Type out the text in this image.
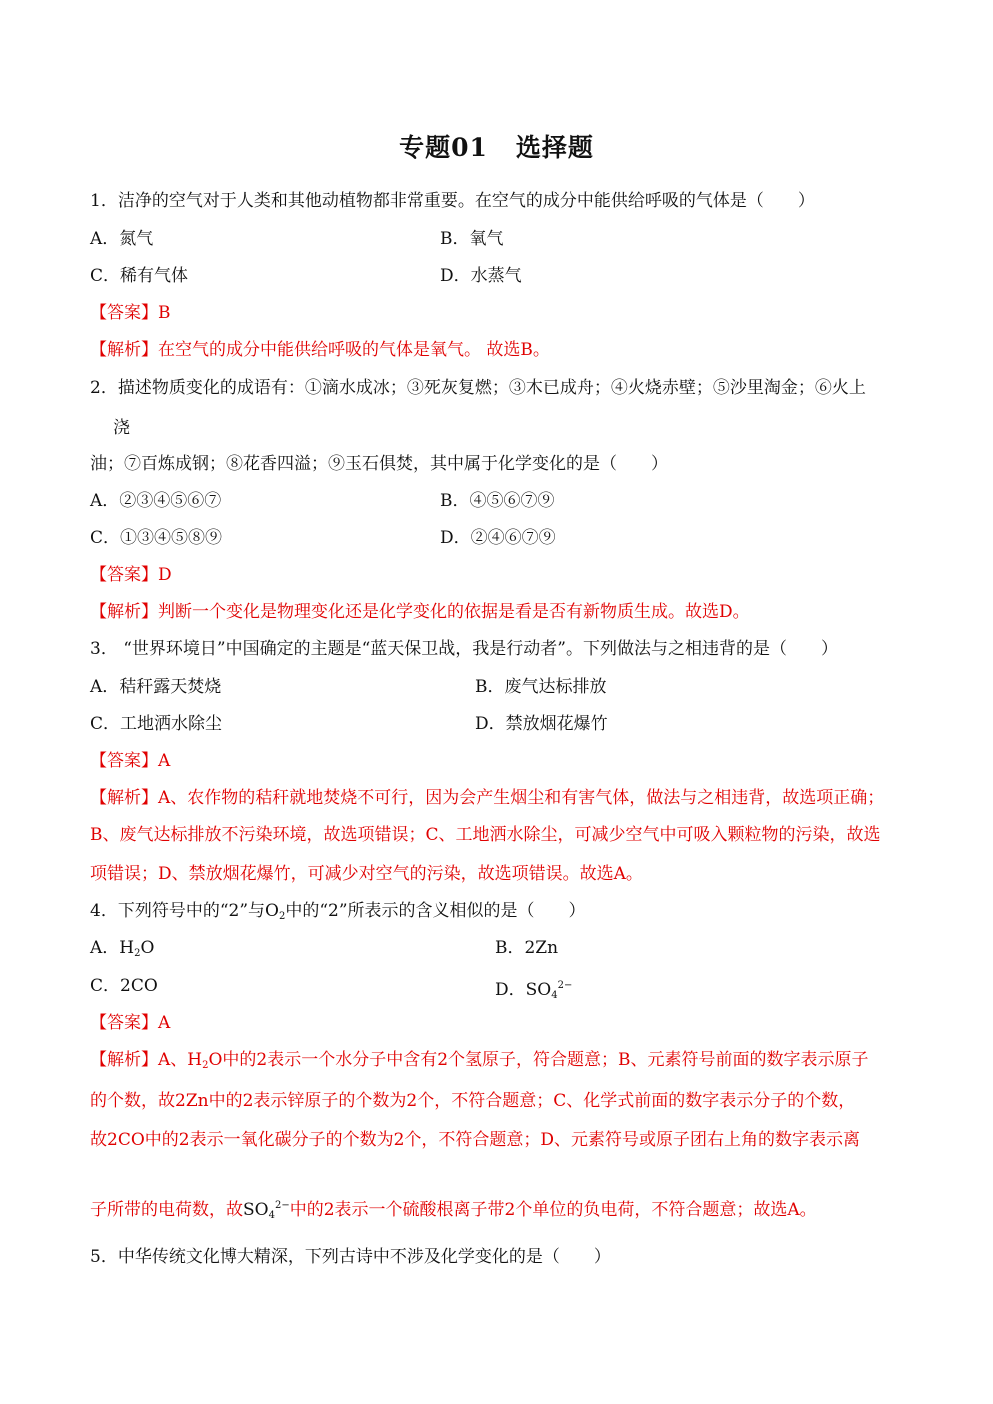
专题01 选择题
1．洁净的空气对于人类和其他动植物都非常重要。在空气的成分中能供给呼吸的气体是（　　）
A．氮气	B．氧气
C．稀有气体	D．水蒸气
【答案】B
【解析】在空气的成分中能供给呼吸的气体是氧气。 故选B。
2．描述物质变化的成语有：①滴水成冰；③死灰复燃；③木已成舟；④火烧赤壁；⑤沙里淘金；⑥火上
浇
油；⑦百炼成钢；⑧花香四溢；⑨玉石俱焚，其中属于化学变化的是（　　）
A．②③④⑤⑥⑦	B．④⑤⑥⑦⑨
C．①③④⑤⑧⑨	D．②④⑥⑦⑨
【答案】D
【解析】判断一个变化是物理变化还是化学变化的依据是看是否有新物质生成。故选D。
3． “世界环境日”中国确定的主题是“蓝天保卫战，我是行动者”。下列做法与之相违背的是（　　）
A．秸秆露天焚烧	B．废气达标排放
C．工地洒水除尘	D．禁放烟花爆竹
【答案】A
【解析】A、农作物的秸秆就地焚烧不可行，因为会产生烟尘和有害气体，做法与之相违背，故选项正确；
B、废气达标排放不污染环境，故选项错误；C、工地洒水除尘，可减少空气中可吸入颗粒物的污染，故选
项错误；D、禁放烟花爆竹，可减少对空气的污染，故选项错误。故选A。
4．下列符号中的“2”与$O_2$中的“2”所表示的含义相似的是（　　）
A．$H_2O$	B．2Zn
C．2CO	D．$SO_4^{2-}$
【答案】A
【解析】A、$H_2O$中的2表示一个水分子中含有2个氢原子，符合题意；B、元素符号前面的数字表示原子
的个数，故2Zn中的2表示锌原子的个数为2个，不符合题意；C、化学式前面的数字表示分子的个数，
故2CO中的2表示一氧化碳分子的个数为2个，不符合题意；D、元素符号或原子团右上角的数字表示离
子所带的电荷数，故$SO_4^{2-}$中的2表示一个硫酸根离子带2个单位的负电荷，不符合题意；故选A。
5．中华传统文化博大精深，下列古诗中不涉及化学变化的是（　　）
